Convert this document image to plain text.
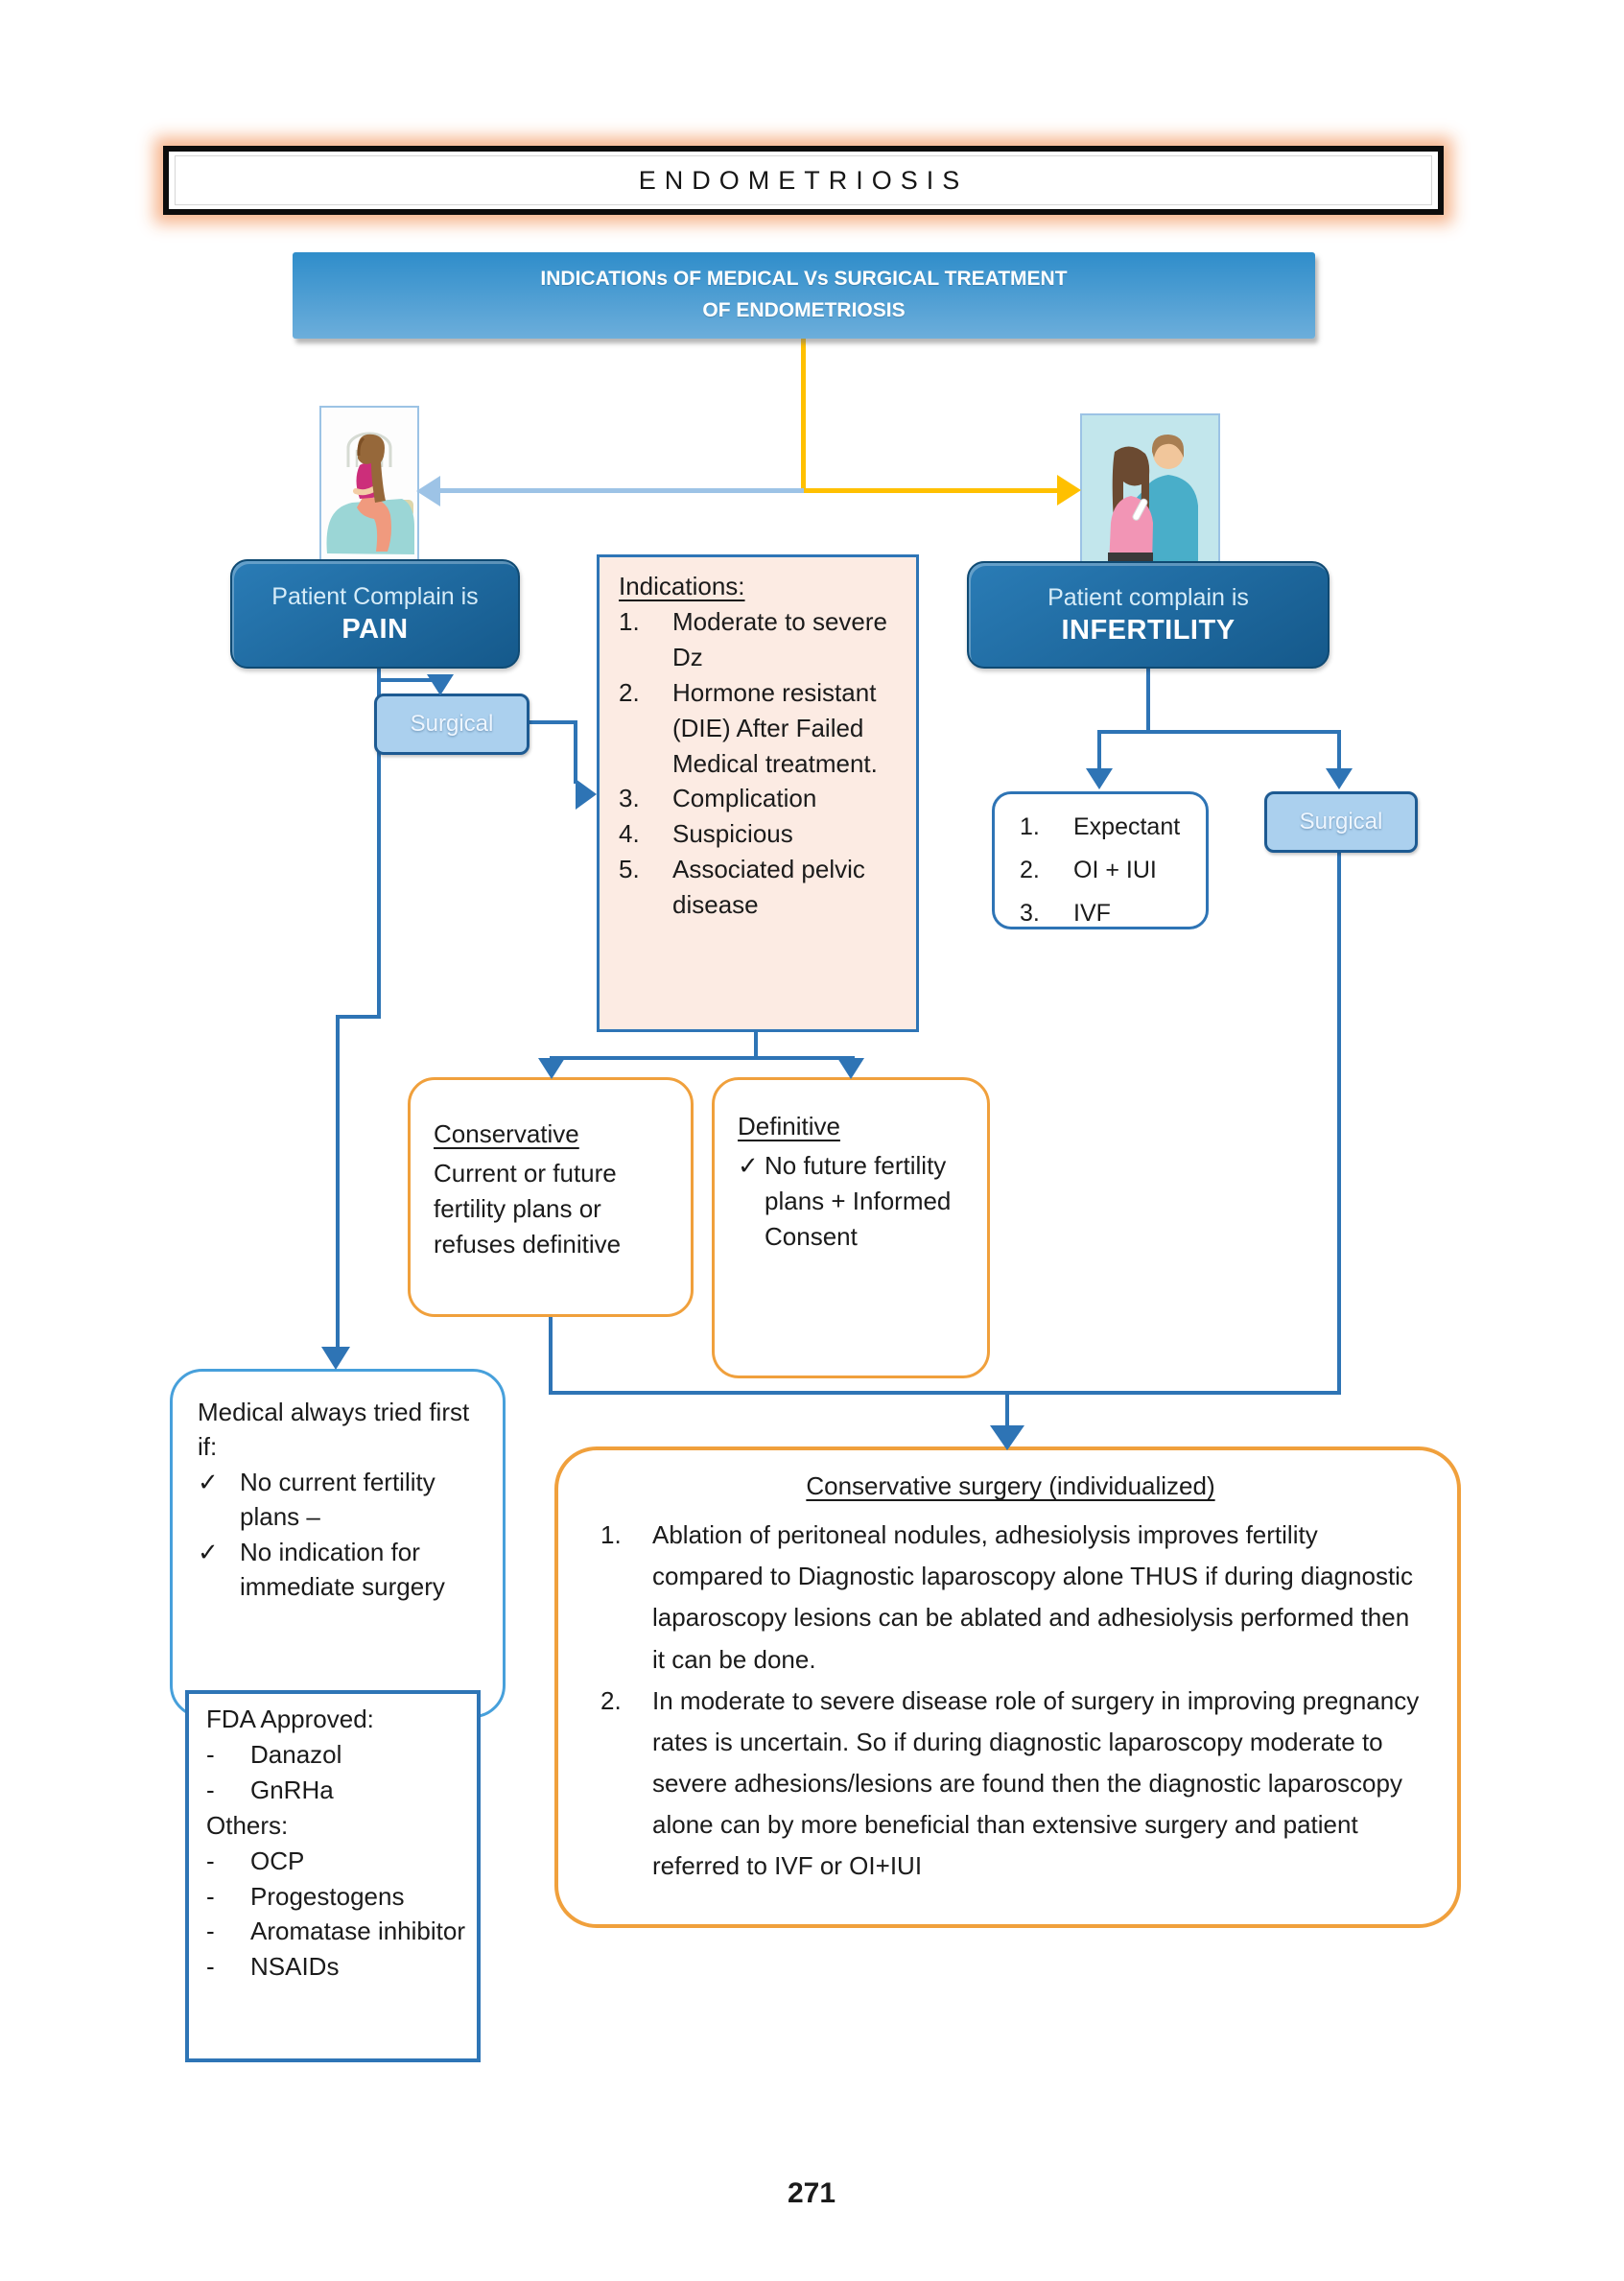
ENDOMETRIOSIS
INDICATIONs OF MEDICAL Vs SURGICAL TREATMENT
OF ENDOMETRIOSIS
Patient Complain is
PAIN
Patient complain is
INFERTILITY
Surgical
Surgical
Indications:
1.	Moderate to severe Dz
2.	Hormone resistant (DIE) After Failed Medical treatment.
3.	Complication
4.	Suspicious
5.	Associated pelvic disease
1.	Expectant
2.	OI + IUI
3.	IVF
Conservative
Current or future fertility plans or refuses definitive
Definitive
✓ No future fertility plans + Informed Consent
Medical always tried first if:
✓ No current fertility plans –
✓ No indication for immediate surgery
FDA Approved:
-	Danazol
-	GnRHa
Others:
-	OCP
-	Progestogens
-	Aromatase inhibitor
-	NSAIDs
Conservative surgery (individualized)
1.	Ablation of peritoneal nodules, adhesiolysis improves fertility compared to Diagnostic laparoscopy alone THUS if during diagnostic laparoscopy lesions can be ablated and adhesiolysis performed then it can be done.
2.	In moderate to severe disease role of surgery in improving pregnancy rates is uncertain. So if during diagnostic laparoscopy moderate to severe adhesions/lesions are found then the diagnostic laparoscopy alone can by more beneficial than extensive surgery and patient referred to IVF or OI+IUI
271
